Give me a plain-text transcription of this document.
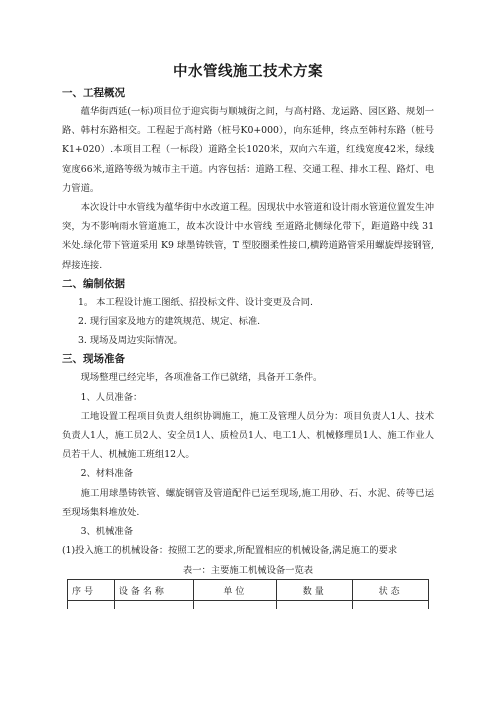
中水管线施工技术方案

一、工程概况

蕴华街西延(一标)项目位于迎宾街与顺城街之间，与高村路、龙运路、园区路、规划一路、韩村东路相交。工程起于高村路（桩号K0+000），向东延伸，终点至韩村东路（桩号K1+020）.本项目工程（一标段）道路全长1020米，双向六车道，红线宽度42米，绿线宽度66米,道路等级为城市主干道。内容包括：道路工程、交通工程、排水工程、路灯、电力管道。

本次设计中水管线为蕴华街中水改道工程。因现状中水管道和设计雨水管道位置发生冲突，为不影响雨水管道施工，故本次设计中水管线 至道路北侧绿化带下，距道路中线 31 米处.绿化带下管道采用 K9 球墨铸铁管，T 型胶圈柔性接口,横跨道路管采用螺旋焊接钢管,焊接连接.

二、编制依据

1。 本工程设计施工图纸、招投标文件、设计变更及合同.

2. 现行国家及地方的建筑规范、规定、标准.

3. 现场及周边实际情况。

三、现场准备

现场整理已经完毕，各项准备工作已就绪，具备开工条件。

1、人员准备：

工地设置工程项目负责人组织协调施工，施工及管理人员分为：项目负责人1人、技术负责人1人，施工员2人、安全员1人、质检员1人、电工1人、机械修理员1人、施工作业人员若干人、机械施工班组12人。

2、材料准备

施工用球墨铸铁管、螺旋钢管及管道配件已运至现场,施工用砂、石、水泥、砖等已运至现场集料堆放处.

3、机械准备

(1)投入施工的机械设备：按照工艺的要求,所配置相应的机械设备,满足施工的要求

表一：主要施工机械设备一览表
序号	设备名称	单位	数量	状态
